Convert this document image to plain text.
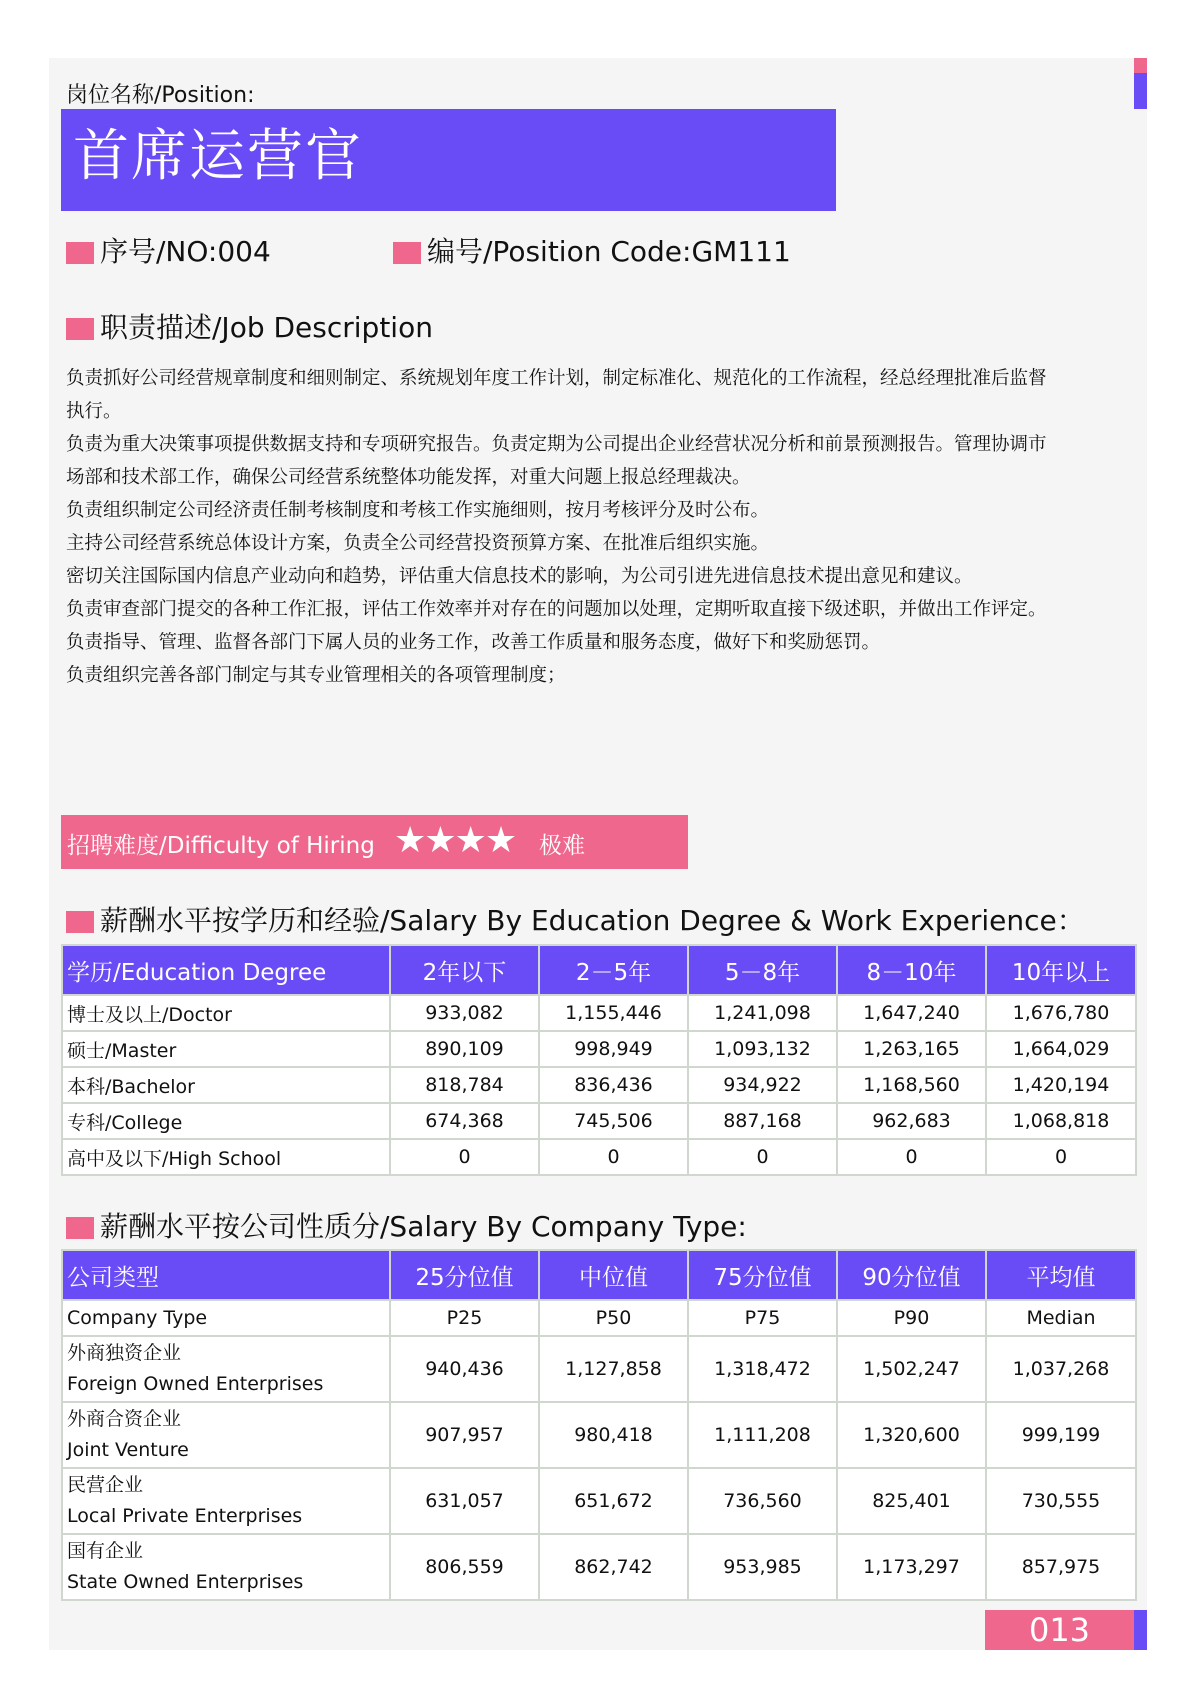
岗位名称/Position:
首席运营官
序号/NO:004	编号/Position Code:GM111
职责描述/Job Description
负责抓好公司经营规章制度和细则制定、系统规划年度工作计划，制定标准化、规范化的工作流程，经总经理批准后监督
执行。
负责为重大决策事项提供数据支持和专项研究报告。负责定期为公司提出企业经营状况分析和前景预测报告。管理协调市
场部和技术部工作，确保公司经营系统整体功能发挥，对重大问题上报总经理裁决。
负责组织制定公司经济责任制考核制度和考核工作实施细则，按月考核评分及时公布。
主持公司经营系统总体设计方案，负责全公司经营投资预算方案、在批准后组织实施。
密切关注国际国内信息产业动向和趋势，评估重大信息技术的影响，为公司引进先进信息技术提出意见和建议。
负责审查部门提交的各种工作汇报，评估工作效率并对存在的问题加以处理，定期听取直接下级述职，并做出工作评定。
负责指导、管理、监督各部门下属人员的业务工作，改善工作质量和服务态度，做好下和奖励惩罚。
负责组织完善各部门制定与其专业管理相关的各项管理制度；
招聘难度/Difficulty of Hiring ★★★★ 极难
薪酬水平按学历和经验/Salary By Education Degree & Work Experience：
学历/Education Degree	2年以下	2－5年	5－8年	8－10年	10年以上
博士及以上/Doctor	933,082	1,155,446	1,241,098	1,647,240	1,676,780
硕士/Master	890,109	998,949	1,093,132	1,263,165	1,664,029
本科/Bachelor	818,784	836,436	934,922	1,168,560	1,420,194
专科/College	674,368	745,506	887,168	962,683	1,068,818
高中及以下/High School	0	0	0	0	0
薪酬水平按公司性质分/Salary By Company Type:
公司类型	25分位值	中位值	75分位值	90分位值	平均值
Company Type	P25	P50	P75	P90	Median

外商独资企业
Foreign Owned Enterprises	940,436	1,127,858	1,318,472	1,502,247	1,037,268

外商合资企业
Joint Venture	907,957	980,418	1,111,208	1,320,600	999,199

民营企业
Local Private Enterprises	631,057	651,672	736,560	825,401	730,555

国有企业
State Owned Enterprises	806,559	862,742	953,985	1,173,297	857,975
013
